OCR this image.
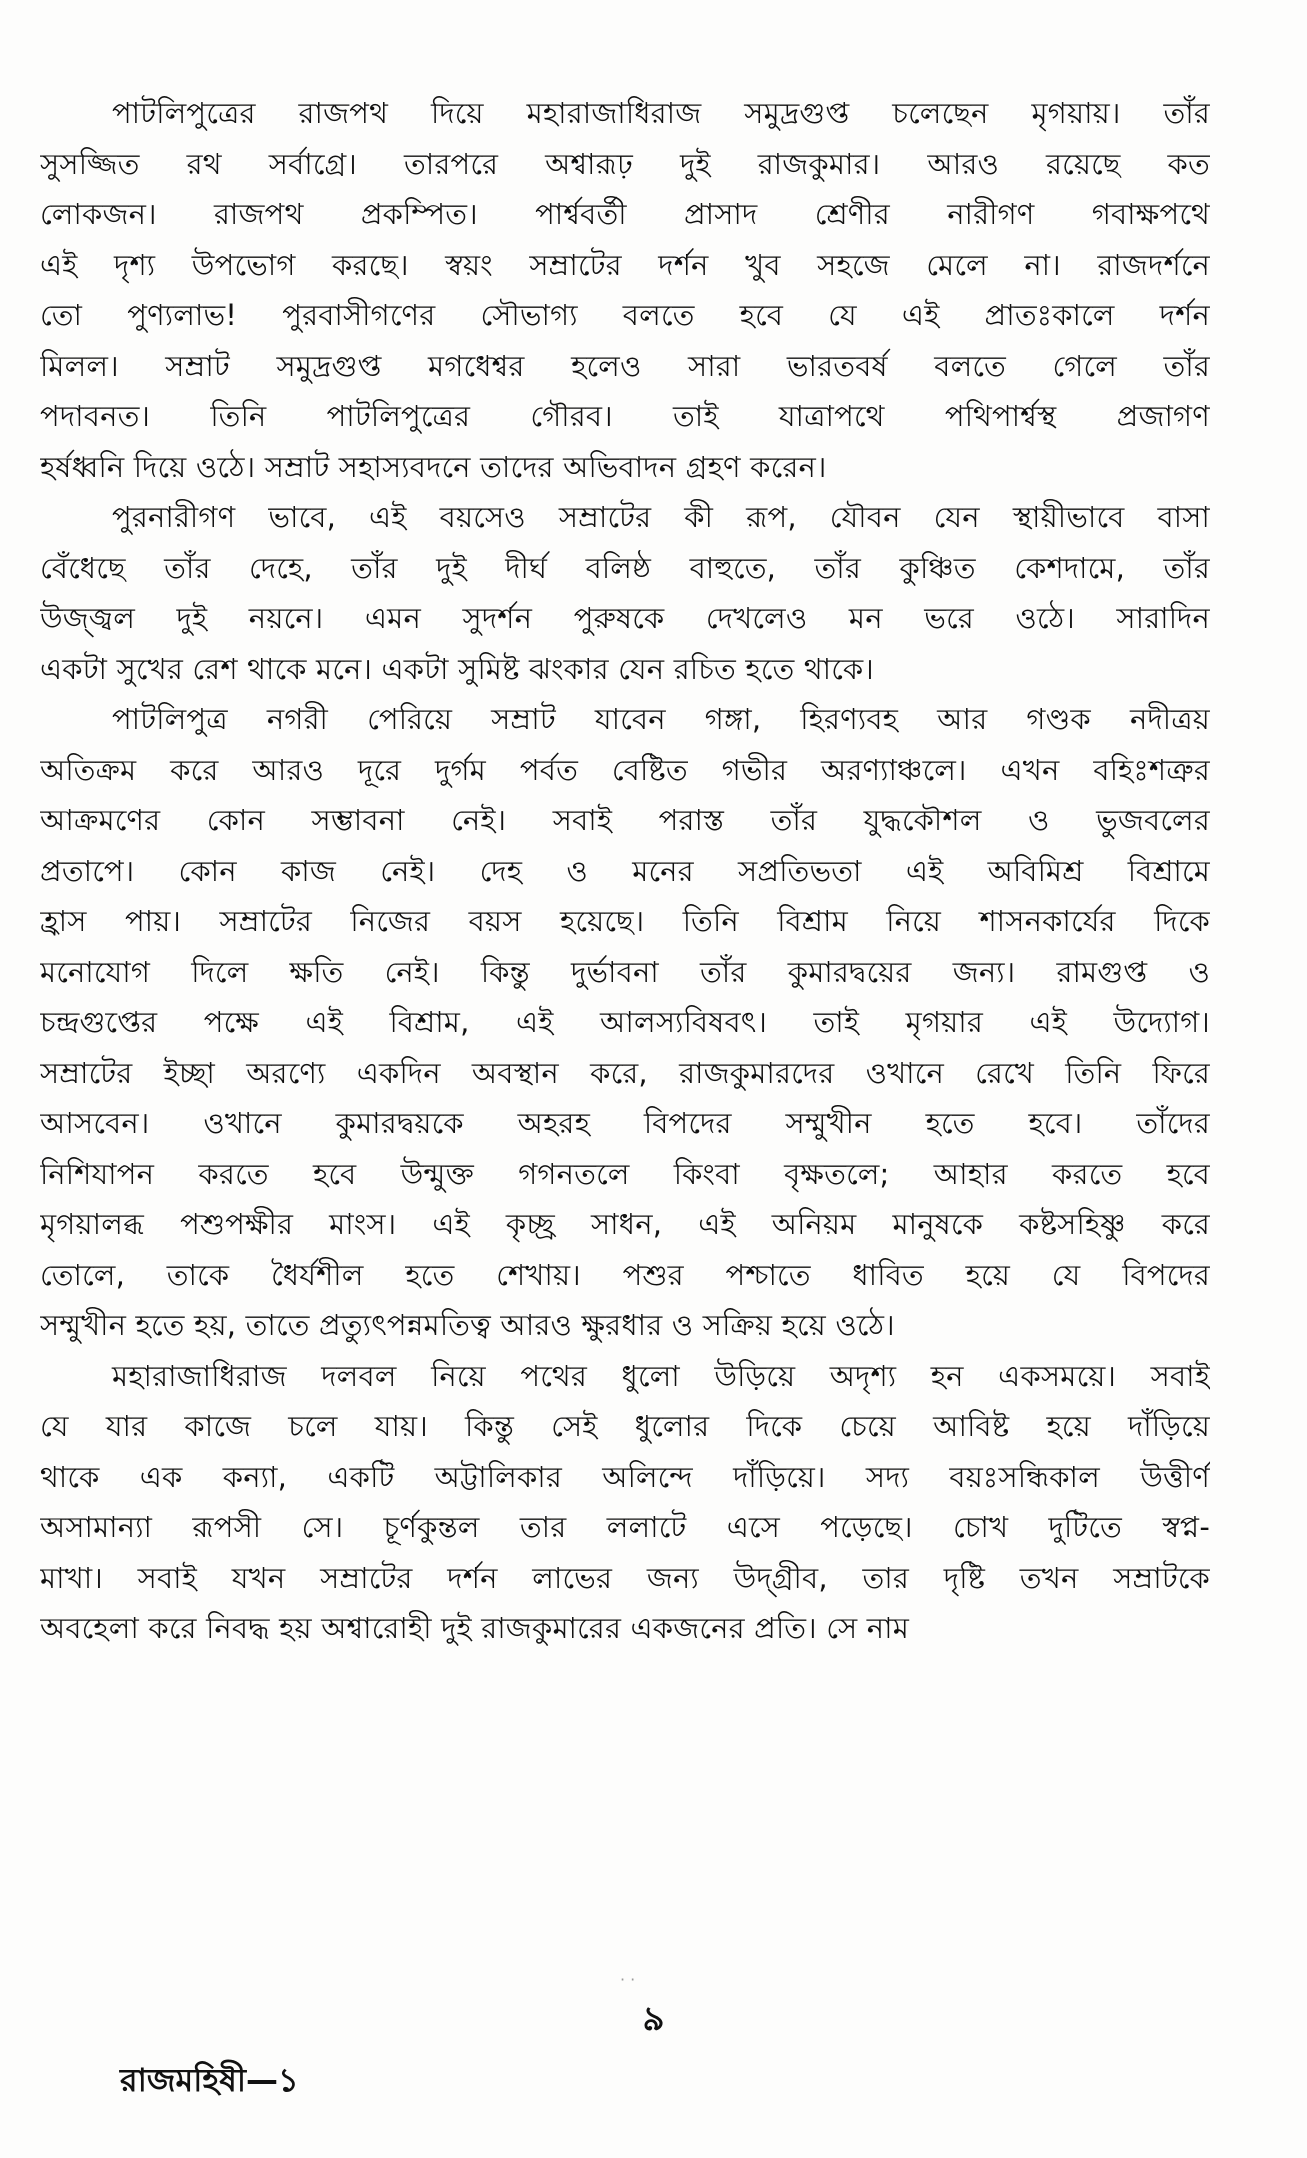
পাটলিপুত্রের রাজপথ দিয়ে মহারাজাধিরাজ সমুদ্রগুপ্ত চলেছেন মৃগয়ায়। তাঁর
সুসজ্জিত রথ সর্বাগ্রে। তারপরে অশ্বারূঢ় দুই রাজকুমার। আরও রয়েছে কত
লোকজন। রাজপথ প্রকম্পিত। পার্শ্ববর্তী প্রাসাদ শ্রেণীর নারীগণ গবাক্ষপথে
এই দৃশ্য উপভোগ করছে। স্বয়ং সম্রাটের দর্শন খুব সহজে মেলে না। রাজদর্শনে
তো পুণ্যলাভ! পুরবাসীগণের সৌভাগ্য বলতে হবে যে এই প্রাতঃকালে দর্শন
মিলল। সম্রাট সমুদ্রগুপ্ত মগধেশ্বর হলেও সারা ভারতবর্ষ বলতে গেলে তাঁর
পদাবনত। তিনি পাটলিপুত্রের গৌরব। তাই যাত্রাপথে পথিপার্শ্বস্থ প্রজাগণ
হর্ষধ্বনি দিয়ে ওঠে। সম্রাট সহাস্যবদনে তাদের অভিবাদন গ্রহণ করেন।
পুরনারীগণ ভাবে, এই বয়সেও সম্রাটের কী রূপ, যৌবন যেন স্থায়ীভাবে বাসা
বেঁধেছে তাঁর দেহে, তাঁর দুই দীর্ঘ বলিষ্ঠ বাহুতে, তাঁর কুঞ্চিত কেশদামে, তাঁর
উজ্জ্বল দুই নয়নে। এমন সুদর্শন পুরুষকে দেখলেও মন ভরে ওঠে। সারাদিন
একটা সুখের রেশ থাকে মনে। একটা সুমিষ্ট ঝংকার যেন রচিত হতে থাকে।
পাটলিপুত্র নগরী পেরিয়ে সম্রাট যাবেন গঙ্গা, হিরণ্যবহ আর গণ্ডক নদীত্রয়
অতিক্রম করে আরও দূরে দুর্গম পর্বত বেষ্টিত গভীর অরণ্যাঞ্চলে। এখন বহিঃশত্রুর
আক্রমণের কোন সম্ভাবনা নেই। সবাই পরাস্ত তাঁর যুদ্ধকৌশল ও ভুজবলের
প্রতাপে। কোন কাজ নেই। দেহ ও মনের সপ্রতিভতা এই অবিমিশ্র বিশ্রামে
হ্রাস পায়। সম্রাটের নিজের বয়স হয়েছে। তিনি বিশ্রাম নিয়ে শাসনকার্যের দিকে
মনোযোগ দিলে ক্ষতি নেই। কিন্তু দুর্ভাবনা তাঁর কুমারদ্বয়ের জন্য। রামগুপ্ত ও
চন্দ্রগুপ্তের পক্ষে এই বিশ্রাম, এই আলস্যবিষবৎ। তাই মৃগয়ার এই উদ্যোগ।
সম্রাটের ইচ্ছা অরণ্যে একদিন অবস্থান করে, রাজকুমারদের ওখানে রেখে তিনি ফিরে
আসবেন। ওখানে কুমারদ্বয়কে অহরহ বিপদের সম্মুখীন হতে হবে। তাঁদের
নিশিযাপন করতে হবে উন্মুক্ত গগনতলে কিংবা বৃক্ষতলে; আহার করতে হবে
মৃগয়ালব্ধ পশুপক্ষীর মাংস। এই কৃচ্ছ্র সাধন, এই অনিয়ম মানুষকে কষ্টসহিষ্ণু করে
তোলে, তাকে ধৈর্যশীল হতে শেখায়। পশুর পশ্চাতে ধাবিত হয়ে যে বিপদের
সম্মুখীন হতে হয়, তাতে প্রত্যুৎপন্নমতিত্ব আরও ক্ষুরধার ও সক্রিয় হয়ে ওঠে।
মহারাজাধিরাজ দলবল নিয়ে পথের ধুলো উড়িয়ে অদৃশ্য হন একসময়ে। সবাই
যে যার কাজে চলে যায়। কিন্তু সেই ধুলোর দিকে চেয়ে আবিষ্ট হয়ে দাঁড়িয়ে
থাকে এক কন্যা, একটি অট্টালিকার অলিন্দে দাঁড়িয়ে। সদ্য বয়ঃসন্ধিকাল উত্তীর্ণ
অসামান্যা রূপসী সে। চূর্ণকুন্তল তার ললাটে এসে পড়েছে। চোখ দুটিতে স্বপ্ন-
মাখা। সবাই যখন সম্রাটের দর্শন লাভের জন্য উদ্গ্রীব, তার দৃষ্টি তখন সম্রাটকে
অবহেলা করে নিবদ্ধ হয় অশ্বারোহী দুই রাজকুমারের একজনের প্রতি। সে নাম
· ·
৯
রাজমহিষী—১
